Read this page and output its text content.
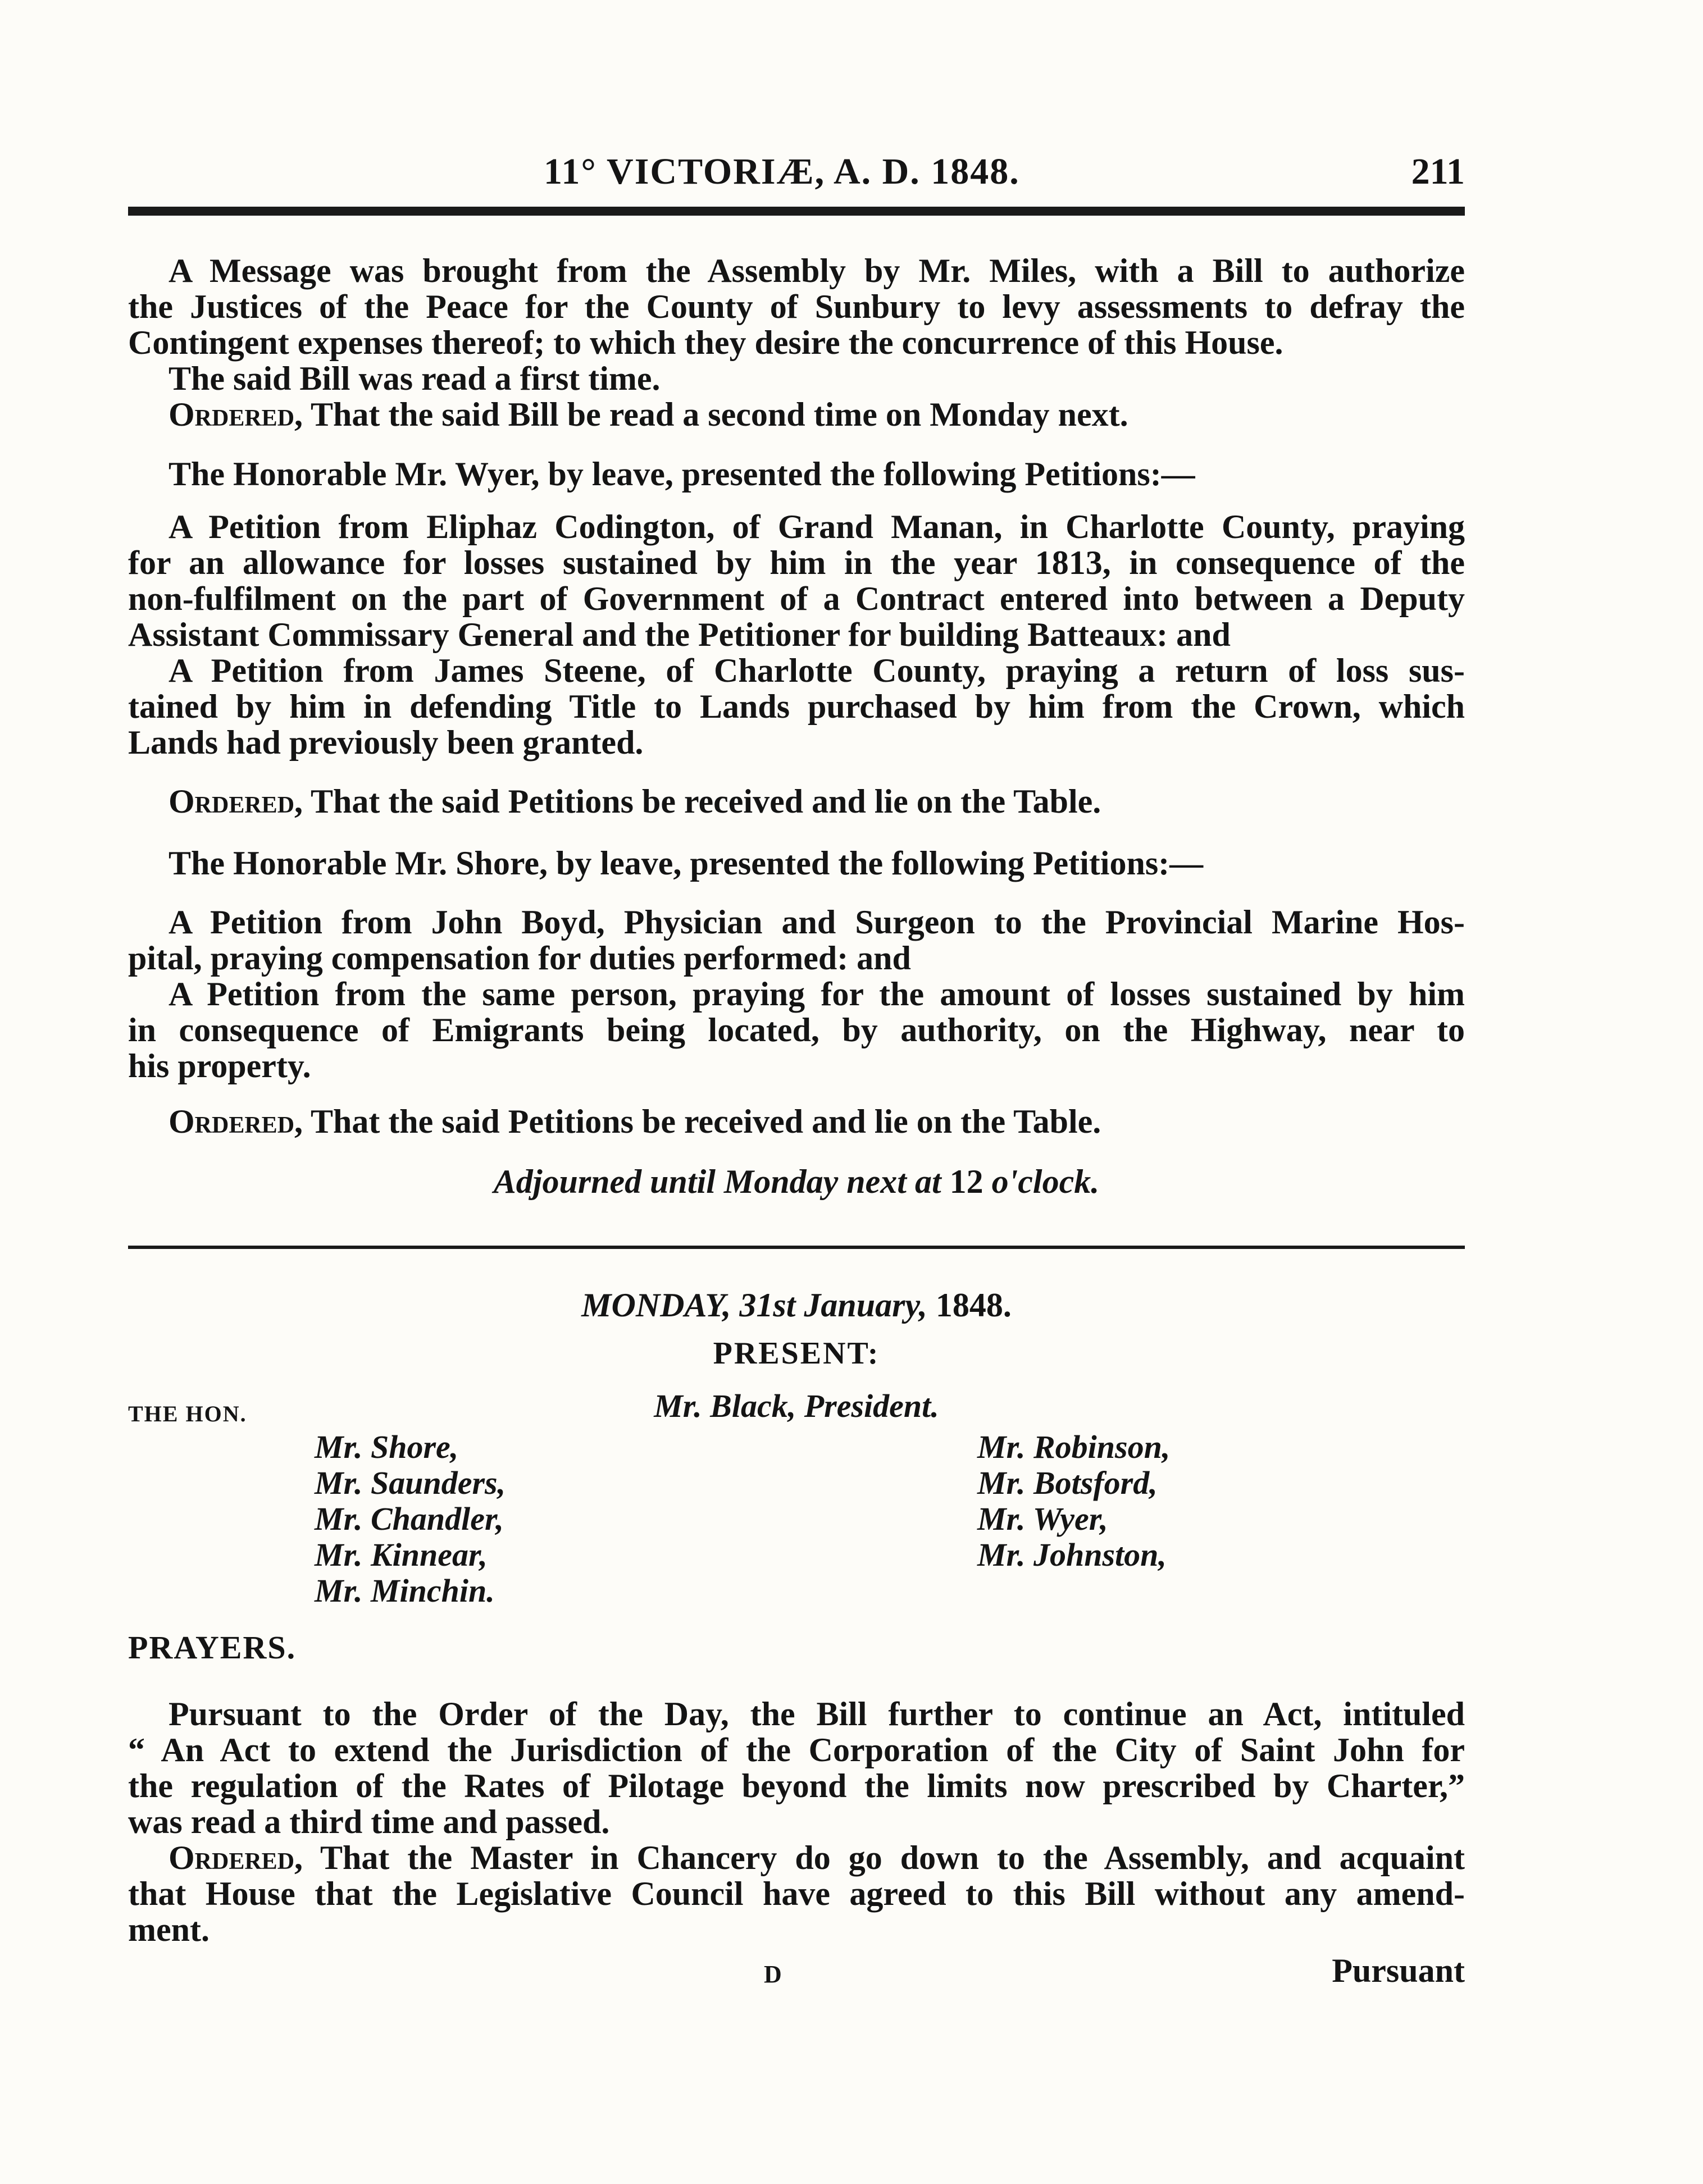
11° VICTORIÆ, A. D. 1848.	211
A Message was brought from the Assembly by Mr. Miles, with a Bill to authorize
the Justices of the Peace for the County of Sunbury to levy assessments to defray the
Contingent expenses thereof; to which they desire the concurrence of this House.
The said Bill was read a first time.
Ordered, That the said Bill be read a second time on Monday next.
The Honorable Mr. Wyer, by leave, presented the following Petitions:—
A Petition from Eliphaz Codington, of Grand Manan, in Charlotte County, praying
for an allowance for losses sustained by him in the year 1813, in consequence of the
non-fulfilment on the part of Government of a Contract entered into between a Deputy
Assistant Commissary General and the Petitioner for building Batteaux: and
A Petition from James Steene, of Charlotte County, praying a return of loss sus-
tained by him in defending Title to Lands purchased by him from the Crown, which
Lands had previously been granted.
Ordered, That the said Petitions be received and lie on the Table.
The Honorable Mr. Shore, by leave, presented the following Petitions:—
A Petition from John Boyd, Physician and Surgeon to the Provincial Marine Hos-
pital, praying compensation for duties performed: and
A Petition from the same person, praying for the amount of losses sustained by him
in consequence of Emigrants being located, by authority, on the Highway, near to
his property.
Ordered, That the said Petitions be received and lie on the Table.
Adjourned until Monday next at 12 o'clock.
MONDAY, 31st January, 1848.
PRESENT:
THE HON.	Mr. Black, President.
Mr. Shore,
Mr. Saunders,
Mr. Chandler,
Mr. Kinnear,
Mr. Minchin.
Mr. Robinson,
Mr. Botsford,
Mr. Wyer,
Mr. Johnston,
PRAYERS.
Pursuant to the Order of the Day, the Bill further to continue an Act, intituled
“ An Act to extend the Jurisdiction of the Corporation of the City of Saint John for
the regulation of the Rates of Pilotage beyond the limits now prescribed by Charter,”
was read a third time and passed.
Ordered, That the Master in Chancery do go down to the Assembly, and acquaint
that House that the Legislative Council have agreed to this Bill without any amend-
ment.
D	Pursuant
